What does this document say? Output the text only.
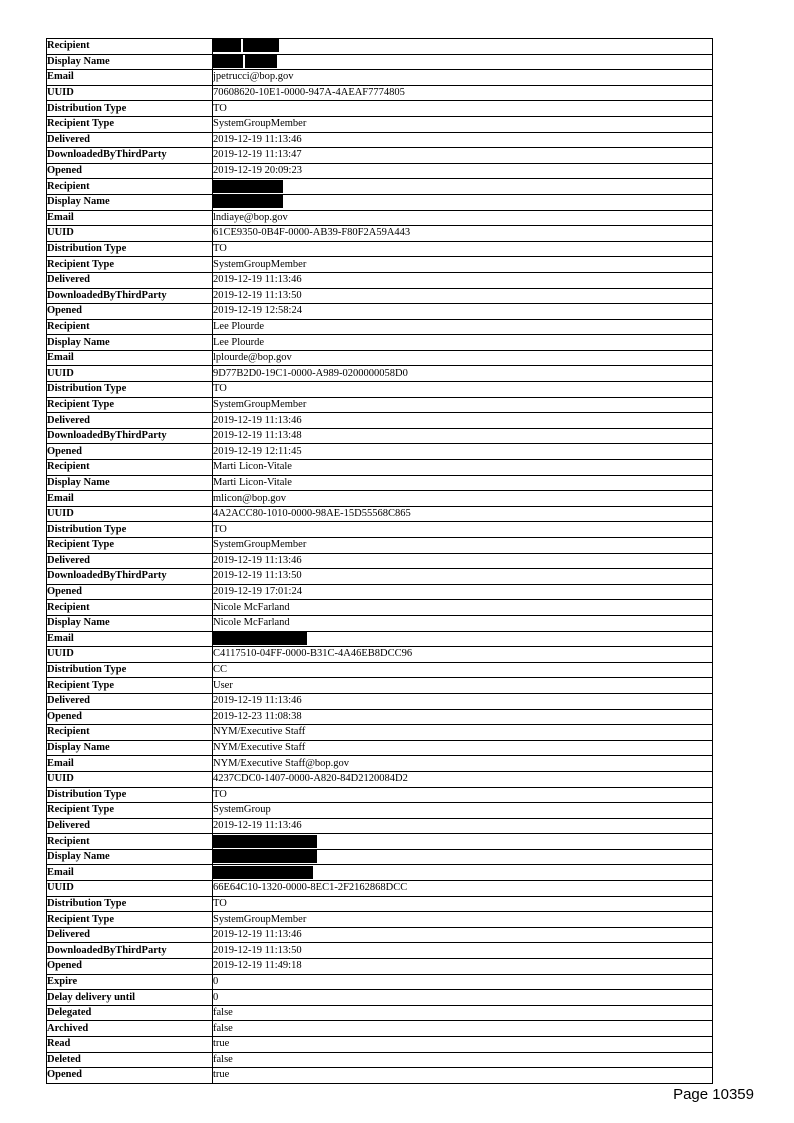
Recipient	
Display Name	
Email	jpetrucci@bop.gov
UUID	70608620-10E1-0000-947A-4AEAF7774805
Distribution Type	TO
Recipient Type	SystemGroupMember
Delivered	2019-12-19 11:13:46
DownloadedByThirdParty	2019-12-19 11:13:47
Opened	2019-12-19 20:09:23
Recipient	
Display Name	
Email	lndiaye@bop.gov
UUID	61CE9350-0B4F-0000-AB39-F80F2A59A443
Distribution Type	TO
Recipient Type	SystemGroupMember
Delivered	2019-12-19 11:13:46
DownloadedByThirdParty	2019-12-19 11:13:50
Opened	2019-12-19 12:58:24
Recipient	Lee Plourde
Display Name	Lee Plourde
Email	lplourde@bop.gov
UUID	9D77B2D0-19C1-0000-A989-0200000058D0
Distribution Type	TO
Recipient Type	SystemGroupMember
Delivered	2019-12-19 11:13:46
DownloadedByThirdParty	2019-12-19 11:13:48
Opened	2019-12-19 12:11:45
Recipient	Marti Licon-Vitale
Display Name	Marti Licon-Vitale
Email	mlicon@bop.gov
UUID	4A2ACC80-1010-0000-98AE-15D55568C865
Distribution Type	TO
Recipient Type	SystemGroupMember
Delivered	2019-12-19 11:13:46
DownloadedByThirdParty	2019-12-19 11:13:50
Opened	2019-12-19 17:01:24
Recipient	Nicole McFarland
Display Name	Nicole McFarland
Email	
UUID	C4117510-04FF-0000-B31C-4A46EB8DCC96
Distribution Type	CC
Recipient Type	User
Delivered	2019-12-19 11:13:46
Opened	2019-12-23 11:08:38
Recipient	NYM/Executive Staff
Display Name	NYM/Executive Staff
Email	NYM/Executive Staff@bop.gov
UUID	4237CDC0-1407-0000-A820-84D2120084D2
Distribution Type	TO
Recipient Type	SystemGroup
Delivered	2019-12-19 11:13:46
Recipient	
Display Name	
Email	
UUID	66E64C10-1320-0000-8EC1-2F2162868DCC
Distribution Type	TO
Recipient Type	SystemGroupMember
Delivered	2019-12-19 11:13:46
DownloadedByThirdParty	2019-12-19 11:13:50
Opened	2019-12-19 11:49:18
Expire	0
Delay delivery until	0
Delegated	false
Archived	false
Read	true
Deleted	false
Opened	true
Page 10359
